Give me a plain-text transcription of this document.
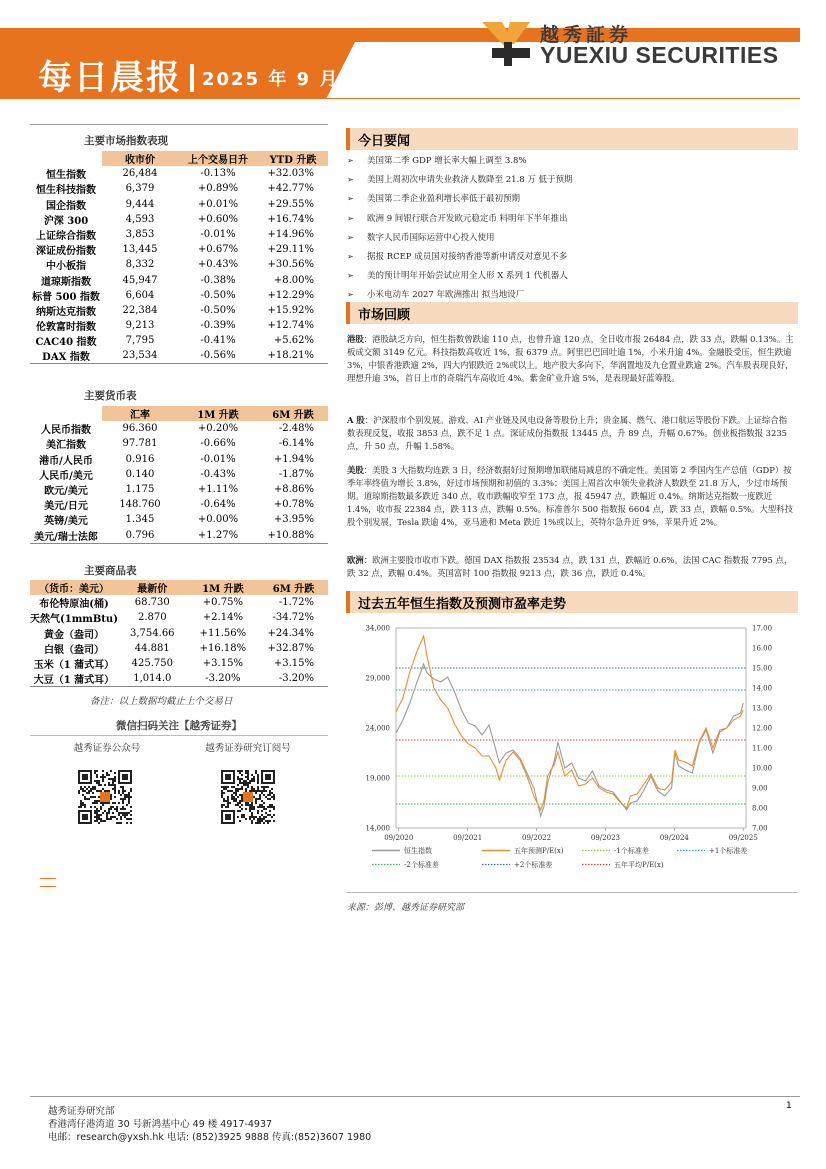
每日晨报 2025 年 9 月 26 日
越秀証券
YUEXIU SECURITIES
主要市场指数表现
	收市价	上个交易日升	YTD 升跌
恒生指数	26,484	-0.13%	+32.03%
恒生科技指数	6,379	+0.89%	+42.77%
国企指数	9,444	+0.01%	+29.55%
沪深 300	4,593	+0.60%	+16.74%
上证综合指数	3,853	-0.01%	+14.96%
深证成份指数	13,445	+0.67%	+29.11%
中小板指	8,332	+0.43%	+30.56%
道琼斯指数	45,947	-0.38%	+8.00%
标普 500 指数	6,604	-0.50%	+12.29%
纳斯达克指数	22,384	-0.50%	+15.92%
伦敦富时指数	9,213	-0.39%	+12.74%
CAC40 指数	7,795	-0.41%	+5.62%
DAX 指数	23,534	-0.56%	+18.21%
主要货币表
	汇率	1M 升跌	6M 升跌
人民币指数	96.360	+0.20%	-2.48%
美汇指数	97.781	-0.66%	-6.14%
港币/人民币	0.916	-0.01%	+1.94%
人民币/美元	0.140	-0.43%	-1.87%
欧元/美元	1.175	+1.11%	+8.86%
美元/日元	148.760	-0.64%	+0.78%
英镑/美元	1.345	+0.00%	+3.95%
美元/瑞士法郎	0.796	+1.27%	+10.88%
主要商品表
（货币：美元）	最新价	1M 升跌	6M 升跌
布伦特原油(桶)	68.730	+0.75%	-1.72%
天然气(1mmBtu)	2.870	+2.14%	-34.72%
黄金（盎司）	3,754.66	+11.56%	+24.34%
白银（盎司）	44.881	+16.18%	+32.87%
玉米（1 蒲式耳）	425.750	+3.15%	+3.15%
大豆（1 蒲式耳）	1,014.0	-3.20%	-3.20%
备注：以上数据均截止上个交易日
微信扫码关注【越秀证券】
越秀证券公众号	越秀证券研究订阅号
今日要闻
➢ 美国第二季 GDP 增长率大幅上调至 3.8%
➢ 美国上周初次申请失业救济人数降至 21.8 万 低于预期
➢ 美国第二季企业盈利增长率低于最初预期
➢ 欧洲 9 间银行联合开发欧元稳定币 料明年下半年推出
➢ 数字人民币国际运营中心投入使用
➢ 据报 RCEP 成员国对接纳香港等新申请反对意见不多
➢ 美的预计明年开始尝试应用全人形 X 系列 1 代机器人
➢ 小米电动车 2027 年欧洲推出 拟当地设厂
市场回顾
港股：港股缺乏方向，恒生指数曾跌逾 110 点，也曾升逾 120 点，全日收市报 26484 点，跌 33 点，跌幅 0.13%。主板成交额 3149 亿元。科技指数高收近 1%，报 6379 点。阿里巴巴回吐逾 1%，小米升逾 4%。金融股受压，恒生跌逾 3%，中银香港跌逾 2%，四大内银跌近 2%或以上。地产股大多向下，华润置地及九仓置业跌逾 2%。汽车股表现良好，理想升逾 3%，首日上市的奇瑞汽车高收近 4%。紫金矿业升逾 5%，是表现最好蓝筹股。
A 股：沪深股市个别发展。游戏、AI 产业链及风电设备等股份上升；贵金属、燃气、港口航运等股份下跌。上证综合指数表现反复，收报 3853 点，跌不足 1 点。深证成份指数报 13445 点，升 89 点，升幅 0.67%。创业板指数报 3235 点，升 50 点，升幅 1.58%。
美股：美股 3 大指数均连跌 3 日，经济数据好过预期增加联储局减息的不确定性。美国第 2 季国内生产总值（GDP）按季年率终值为增长 3.8%，好过市场预期和初值的 3.3%；美国上周首次申领失业救济人数跌至 21.8 万人，少过市场预期。道琼斯指数最多跌近 340 点，收市跌幅收窄至 173 点，报 45947 点，跌幅近 0.4%。纳斯达克指数一度跌近 1.4%，收市报 22384 点，跌 113 点，跌幅 0.5%。标准普尔 500 指数报 6604 点，跌 33 点，跌幅 0.5%。大型科技股个别发展，Tesla 跌逾 4%，亚马逊和 Meta 跌近 1%或以上，英特尔急升近 9%，苹果升近 2%。
欧洲：欧洲主要股市收市下跌。德国 DAX 指数报 23534 点，跌 131 点，跌幅近 0.6%。法国 CAC 指数报 7795 点，跌 32 点，跌幅 0.4%。英国富时 100 指数报 9213 点，跌 36 点，跌近 0.4%。
过去五年恒生指数及预测市盈率走势
34,000
29,000
24,000
19,000
14,000
17.00
16.00
15.00
14.00
13.00
12.00
11.00
10.00
9.00
8.00
7.00
09/2020	09/2021	09/2022	09/2023	09/2024	09/2025
恒生指数	五年预测P/E(x)	-1个标准差	+1个标准差
-2个标准差	+2个标准差	五年平均P/E(x)
来源：彭博、越秀证券研究部
越秀证券研究部
香港湾仔港湾道 30 号新鸿基中心 49 楼 4917-4937
电邮：research@yxsh.hk 电话: (852)3925 9888 传真:(852)3607 1980
1
